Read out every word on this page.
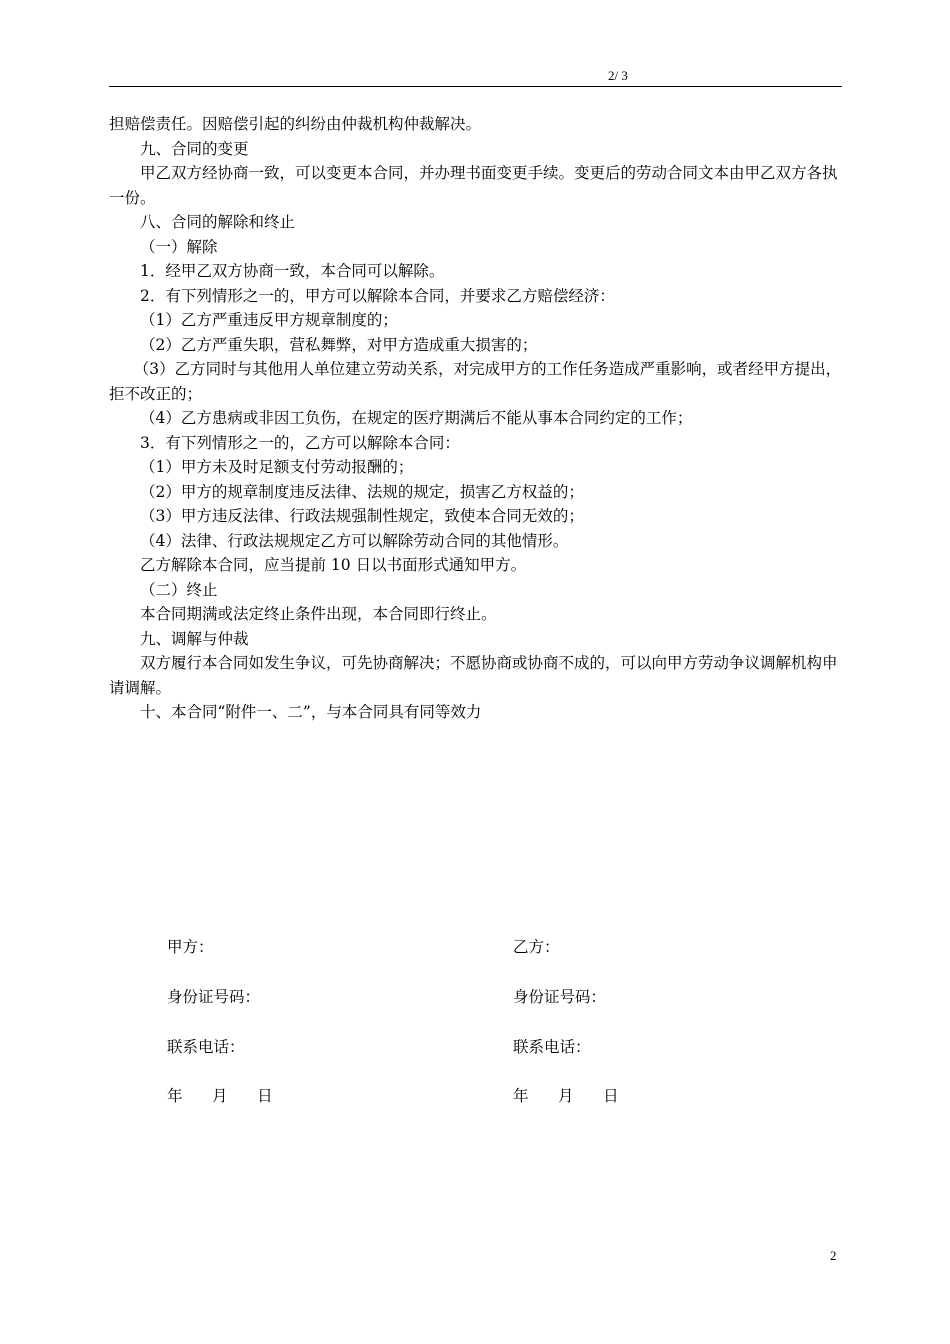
2/ 3

担赔偿责任。因赔偿引起的纠纷由仲裁机构仲裁解决。

九、合同的变更

甲乙双方经协商一致，可以变更本合同，并办理书面变更手续。变更后的劳动合同文本由甲乙双方各执一份。

八、合同的解除和终止

（一）解除

1．经甲乙双方协商一致，本合同可以解除。

2．有下列情形之一的，甲方可以解除本合同，并要求乙方赔偿经济：

（1）乙方严重违反甲方规章制度的；

（2）乙方严重失职，营私舞弊，对甲方造成重大损害的；

（3）乙方同时与其他用人单位建立劳动关系，对完成甲方的工作任务造成严重影响，或者经甲方提出，拒不改正的；

（4）乙方患病或非因工负伤，在规定的医疗期满后不能从事本合同约定的工作；

3．有下列情形之一的，乙方可以解除本合同：

（1）甲方未及时足额支付劳动报酬的；

（2）甲方的规章制度违反法律、法规的规定，损害乙方权益的；

（3）甲方违反法律、行政法规强制性规定，致使本合同无效的；

（4）法律、行政法规规定乙方可以解除劳动合同的其他情形。

乙方解除本合同，应当提前 10 日以书面形式通知甲方。

（二）终止

本合同期满或法定终止条件出现，本合同即行终止。

九、调解与仲裁

双方履行本合同如发生争议，可先协商解决；不愿协商或协商不成的，可以向甲方劳动争议调解机构申请调解。

十、本合同“附件一、二”，与本合同具有同等效力

甲方：	乙方：
身份证号码：	身份证号码：
联系电话：	联系电话：
年      月      日	年      月      日
2
